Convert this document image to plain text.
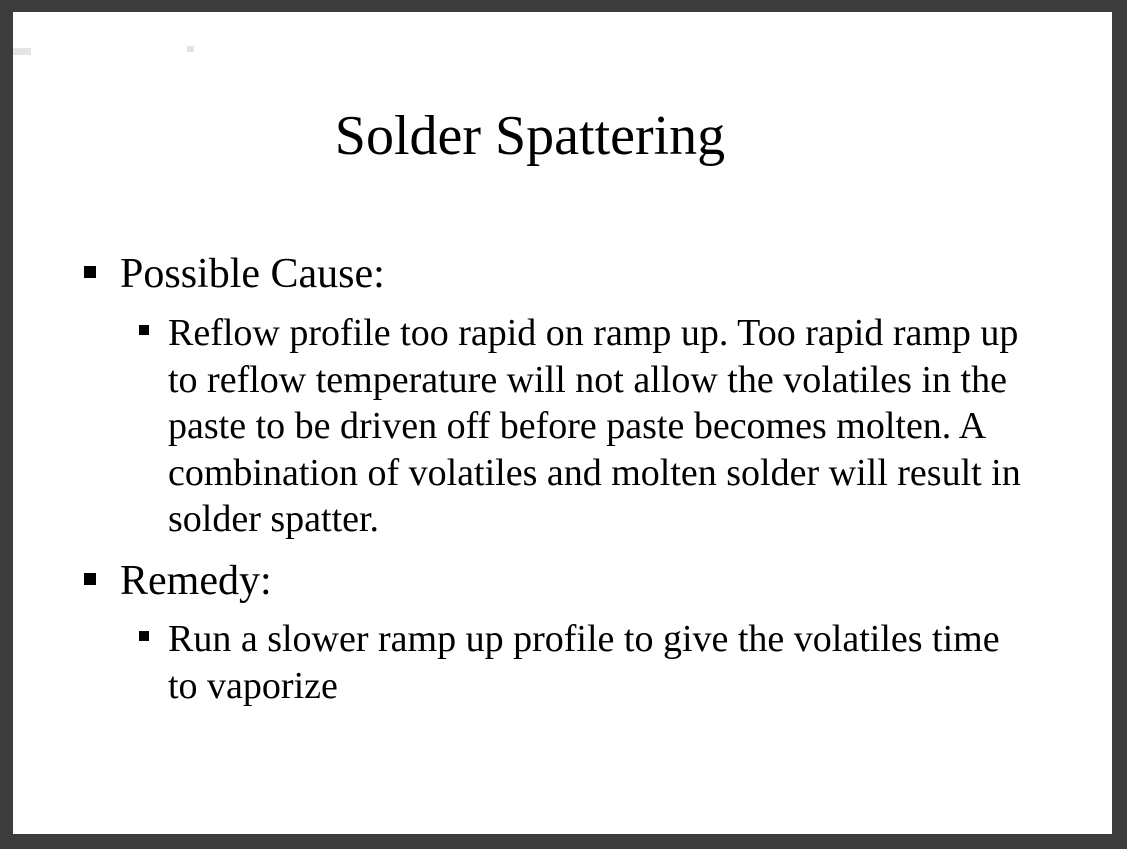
Solder Spattering
Possible Cause:
Reflow profile too rapid on ramp up. Too rapid ramp up to reflow temperature will not allow the volatiles in the paste to be driven off before paste becomes molten. A combination of volatiles and molten solder will result in solder spatter.
Remedy:
Run a slower ramp up profile to give the volatiles time to vaporize
